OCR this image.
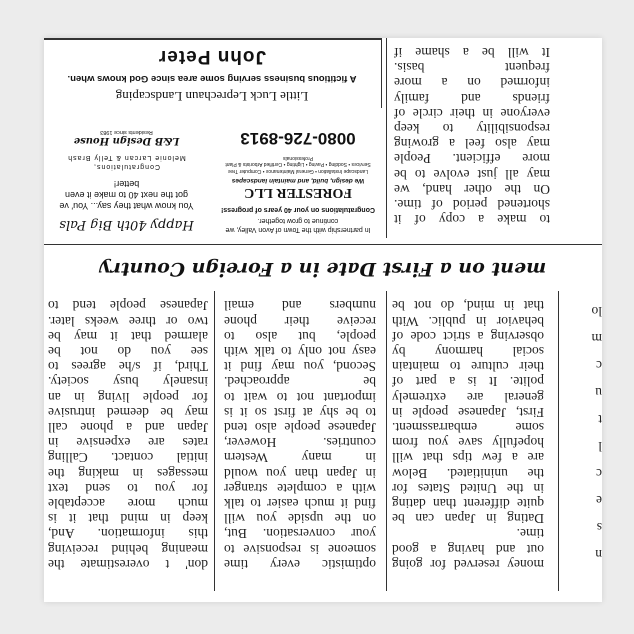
to make a copy of it

shortened period of time.

On the other hand, we

may all just evolve to be

more efficient. People

may also feel a growing

responsibility to keep

everyone in their circle of

friends and family

informed on a more

frequent basis.

It will be a shame if

ment on a First Date in a Foreign Country
Little Luck Leprechaun Landscaping
A fictitious business serving some area since God knows when.
John Peter
Happy 40th Big Pals
You know what they say... You' ve got the next 40 to make it even better!
Congratulations,
Melonie Larcan & Telly Brash
L&B Design House
Residents since 1983
In partnership with the Town of Avon Valley, we continue to grow together.
Congratulations on your 40 years of progress!
FORESTER LLC
We design, build, and maintain landscapes
Landscape Installation • General Maintenance • Computer Tree Services • Sodding • Paving • Lighting • Certified Arborists & Plant Professionals
0080-726-8913

money reserved for going

out and having a good

time.

Dating in Japan can be

quite different than dating

in the United States for

the uninitiated. Below

are a few tips that will

hopefully save you from

some embarrassment.

First, Japanese people in

general are extremely

polite. It is a part of

their culture to maintain

social harmony by

observing a strict code of

behavior in public. With

that in mind, do not be

optimistic every time

someone is responsive to

your conversation. But,

on the upside you will

find it much easier to talk

with a complete stranger

in Japan than you would

in many Western

countries. However,

Japanese people also tend

to be shy at first so it is

important not to wait to

be approached.

Second, you may find it

easy not only to talk with

people, but also to

receive their phone

numbers and email

don' t overestimate the

meaning behind receiving

this information. And,

keep in mind that it is

much more acceptable

for you to send text

messages in making the

initial contact. Calling

rates are expensive in

Japan and a phone call

may be deemed intrusive

for people living in an

insanely busy society.

Third, if s/he agrees to

see you do not be

alarmed that it may be

two or three weeks later.

Japanese people tend to

n

s

e

c

l

t

u

c

m

lo
